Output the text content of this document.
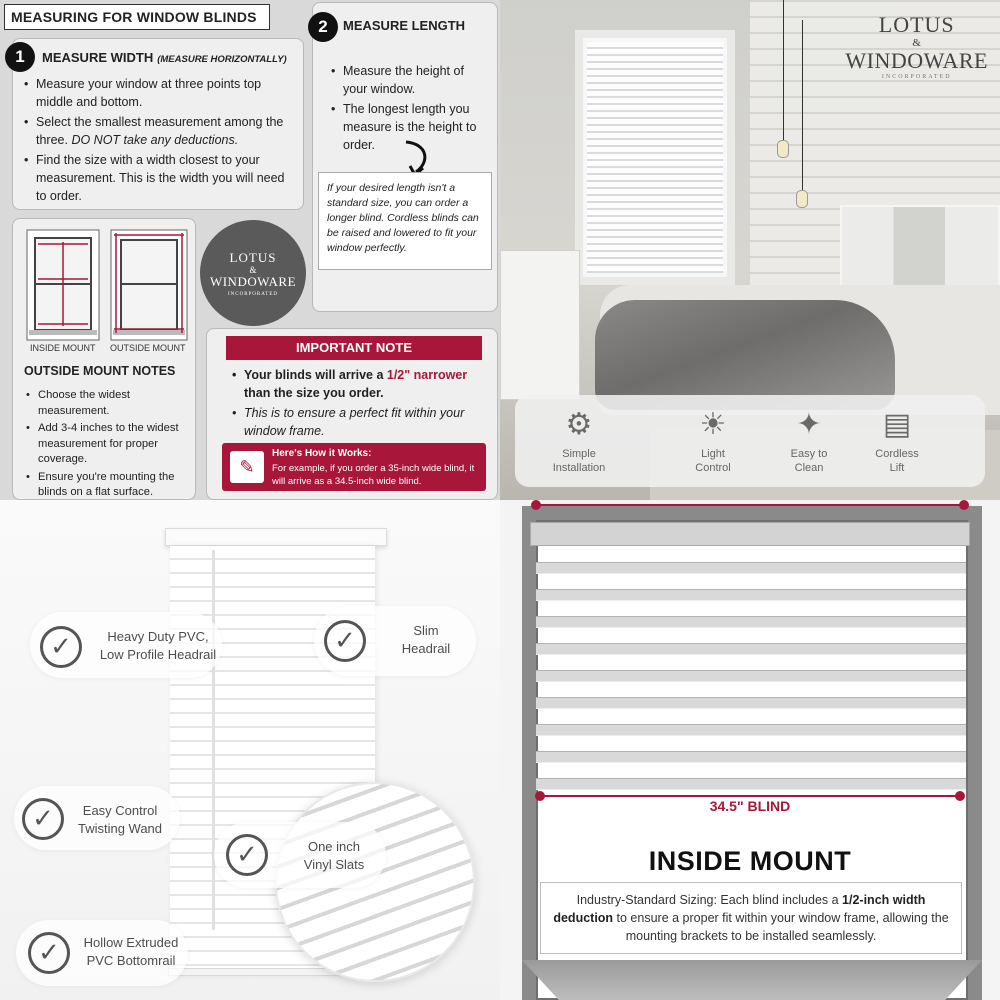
MEASURING FOR WINDOW BLINDS
1	MEASURE WIDTH (MEASURE HORIZONTALLY)
• Measure your window at three points top middle and bottom.
• Select the smallest measurement among the three. DO NOT take any deductions.
• Find the size with a width closest to your measurement. This is the width you will need to order.
2	MEASURE LENGTH
• Measure the height of your window.
• The longest length you measure is the height to order.
If your desired length isn't a standard size, you can order a longer blind. Cordless blinds can be raised and lowered to fit your window perfectly.
LOTUS
&
WINDOWARE
INCORPORATED
INSIDE MOUNT OUTSIDE MOUNT
OUTSIDE MOUNT NOTES
• Choose the widest measurement.
• Add 3-4 inches to the widest measurement for proper coverage.
• Ensure you're mounting the blinds on a flat surface.
IMPORTANT NOTE
• Your blinds will arrive a 1/2" narrower than the size you order.
• This is to ensure a perfect fit within your window frame.
✎
Here's How it Works:
For example, if you order a 35-inch wide blind, it will arrive as a 34.5-inch wide blind.
LOTUS
&
WINDOWARE
INCORPORATED
⚙
Simple
Installation
☀
Light
Control
✦
Easy to
Clean
▤
Cordless
Lift
✓	Heavy Duty PVC,
Low Profile Headrail	✓	Slim
Headrail
✓	Easy Control
Twisting Wand
✓	One inch
Vinyl Slats
✓	Hollow Extruded
PVC Bottomrail
34.5" BLIND
INSIDE MOUNT
Industry-Standard Sizing: Each blind includes a 1/2-inch width
deduction to ensure a proper fit within your window frame, allowing the mounting brackets to be installed seamlessly.
